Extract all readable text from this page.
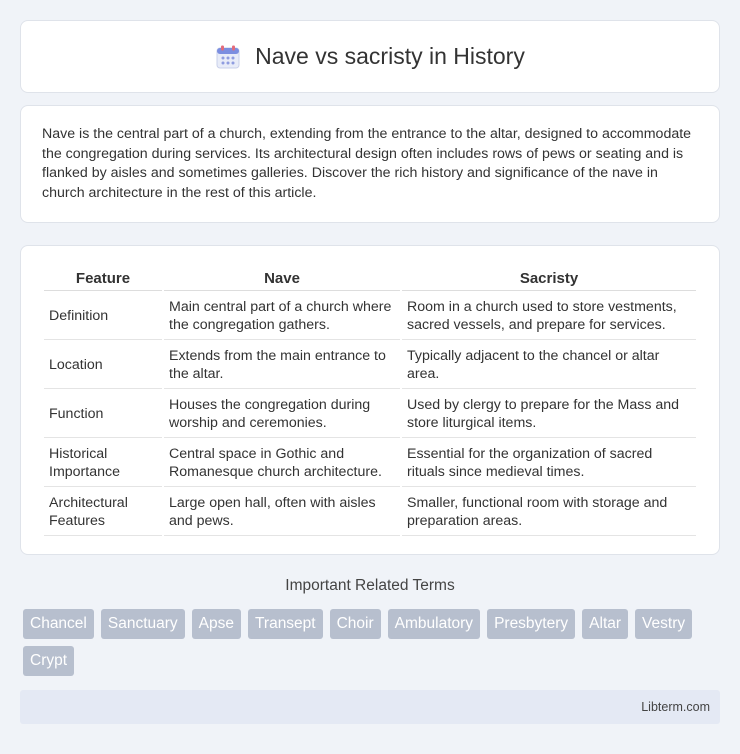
Nave vs sacristy in History

Nave is the central part of a church, extending from the entrance to the altar, designed to accommodate the congregation during services. Its architectural design often includes rows of pews or seating and is flanked by aisles and sometimes galleries. Discover the rich history and significance of the nave in church architecture in the rest of this article.

Feature	Nave	Sacristy
Definition	Main central part of a church where the congregation gathers.	Room in a church used to store vestments, sacred vessels, and prepare for services.
Location	Extends from the main entrance to the altar.	Typically adjacent to the chancel or altar area.
Function	Houses the congregation during worship and ceremonies.	Used by clergy to prepare for the Mass and store liturgical items.
Historical Importance	Central space in Gothic and Romanesque church architecture.	Essential for the organization of sacred rituals since medieval times.
Architectural Features	Large open hall, often with aisles and pews.	Smaller, functional room with storage and preparation areas.
Important Related Terms
Chancel	Sanctuary	Apse	Transept	Choir	Ambulatory	Presbytery	Altar	Vestry
Crypt
Libterm.com
